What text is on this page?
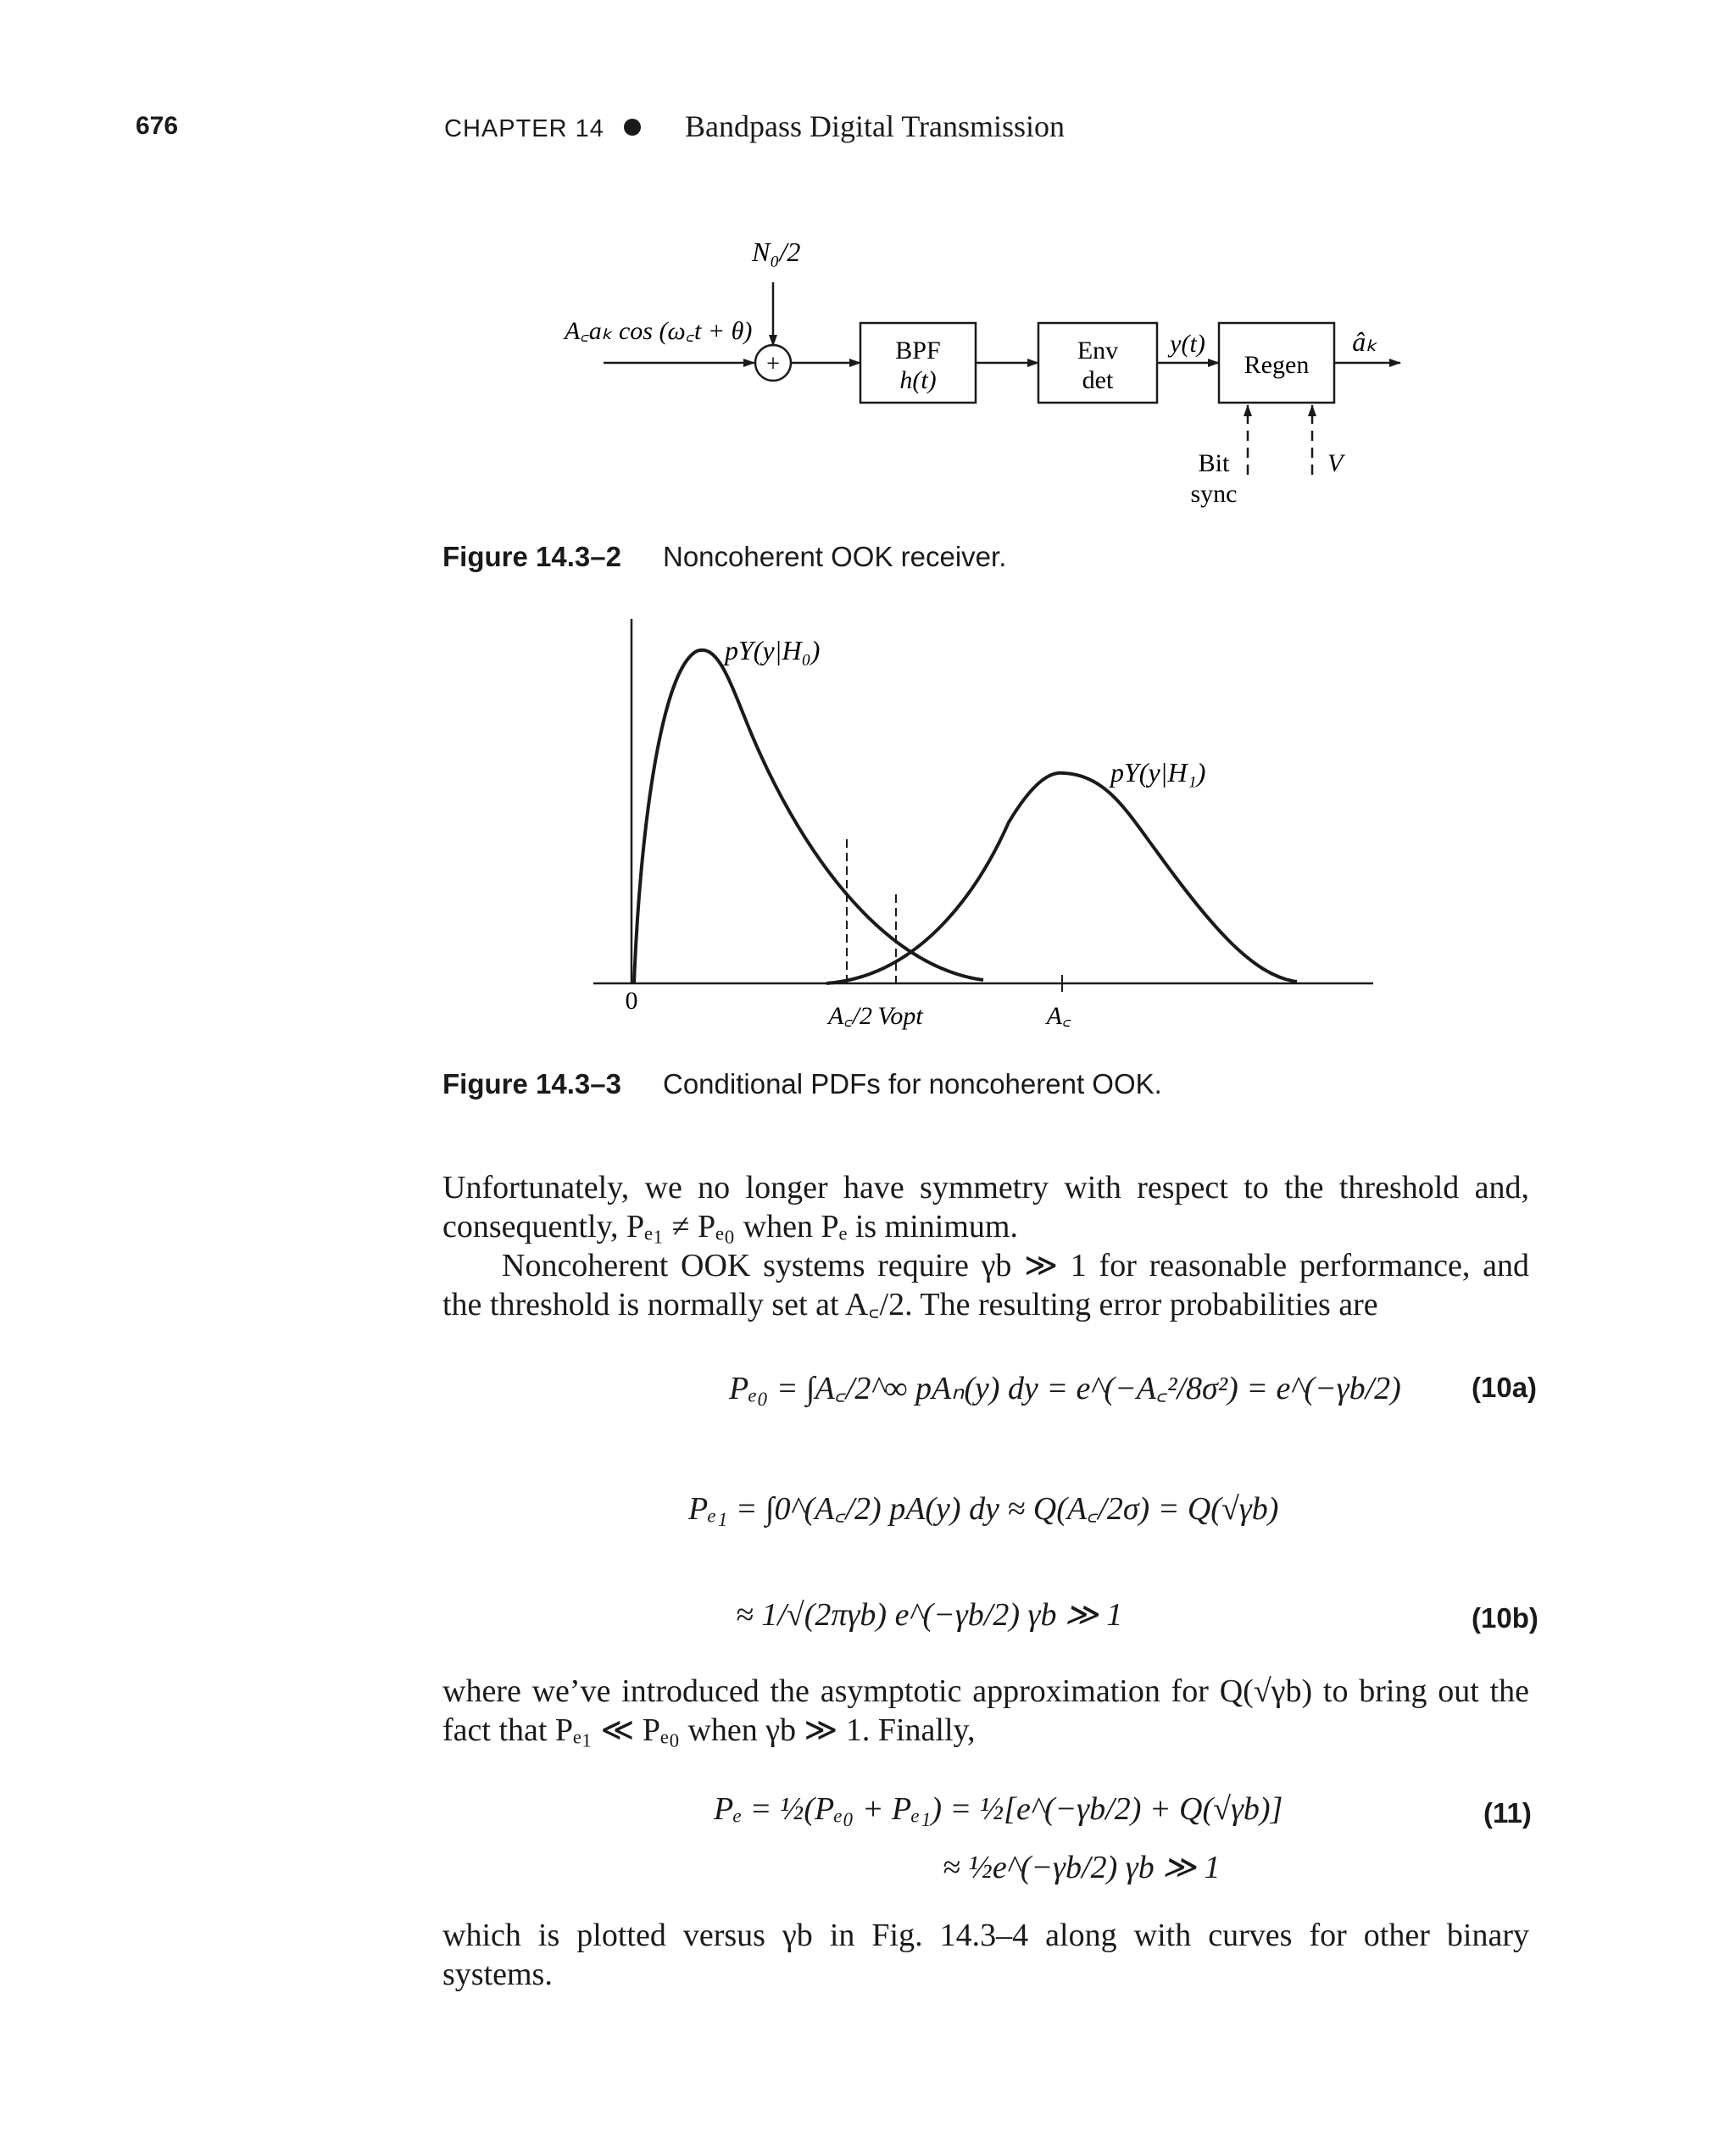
676	CHAPTER 14	Bandpass Digital Transmission
N₀/2
A꜀aₖ cos (ω꜀t + θ)
+	BPF
h(t)
Env
det
y(t)
Regen
âₖ
Bit
sync
V
Figure 14.3–2 Noncoherent OOK receiver.
pY(y|H₀)
pY(y|H₁)
0
A꜀/2 Vopt	A꜀
Figure 14.3–3 Conditional PDFs for noncoherent OOK.

Unfortunately, we no longer have symmetry with respect to the threshold and, consequently, Pₑ₁ ≠ Pₑ₀ when Pₑ is minimum.

Noncoherent OOK systems require γb ≫ 1 for reasonable performance, and the threshold is normally set at A꜀/2. The resulting error probabilities are

Pₑ₀ = ∫A꜀/2^∞ pAₙ(y) dy = e^(−A꜀²/8σ²) = e^(−γb/2)	(10a)
Pₑ₁ = ∫0^(A꜀/2) pA(y) dy ≈ Q(A꜀/2σ) = Q(√γb)
≈ 1/√(2πγb) e^(−γb/2) γb ≫ 1	(10b)

where we’ve introduced the asymptotic approximation for Q(√γb) to bring out the fact that Pₑ₁ ≪ Pₑ₀ when γb ≫ 1. Finally,

Pₑ = ½(Pₑ₀ + Pₑ₁) = ½[e^(−γb/2) + Q(√γb)]	(11)
≈ ½e^(−γb/2) γb ≫ 1

which is plotted versus γb in Fig. 14.3–4 along with curves for other binary systems.
